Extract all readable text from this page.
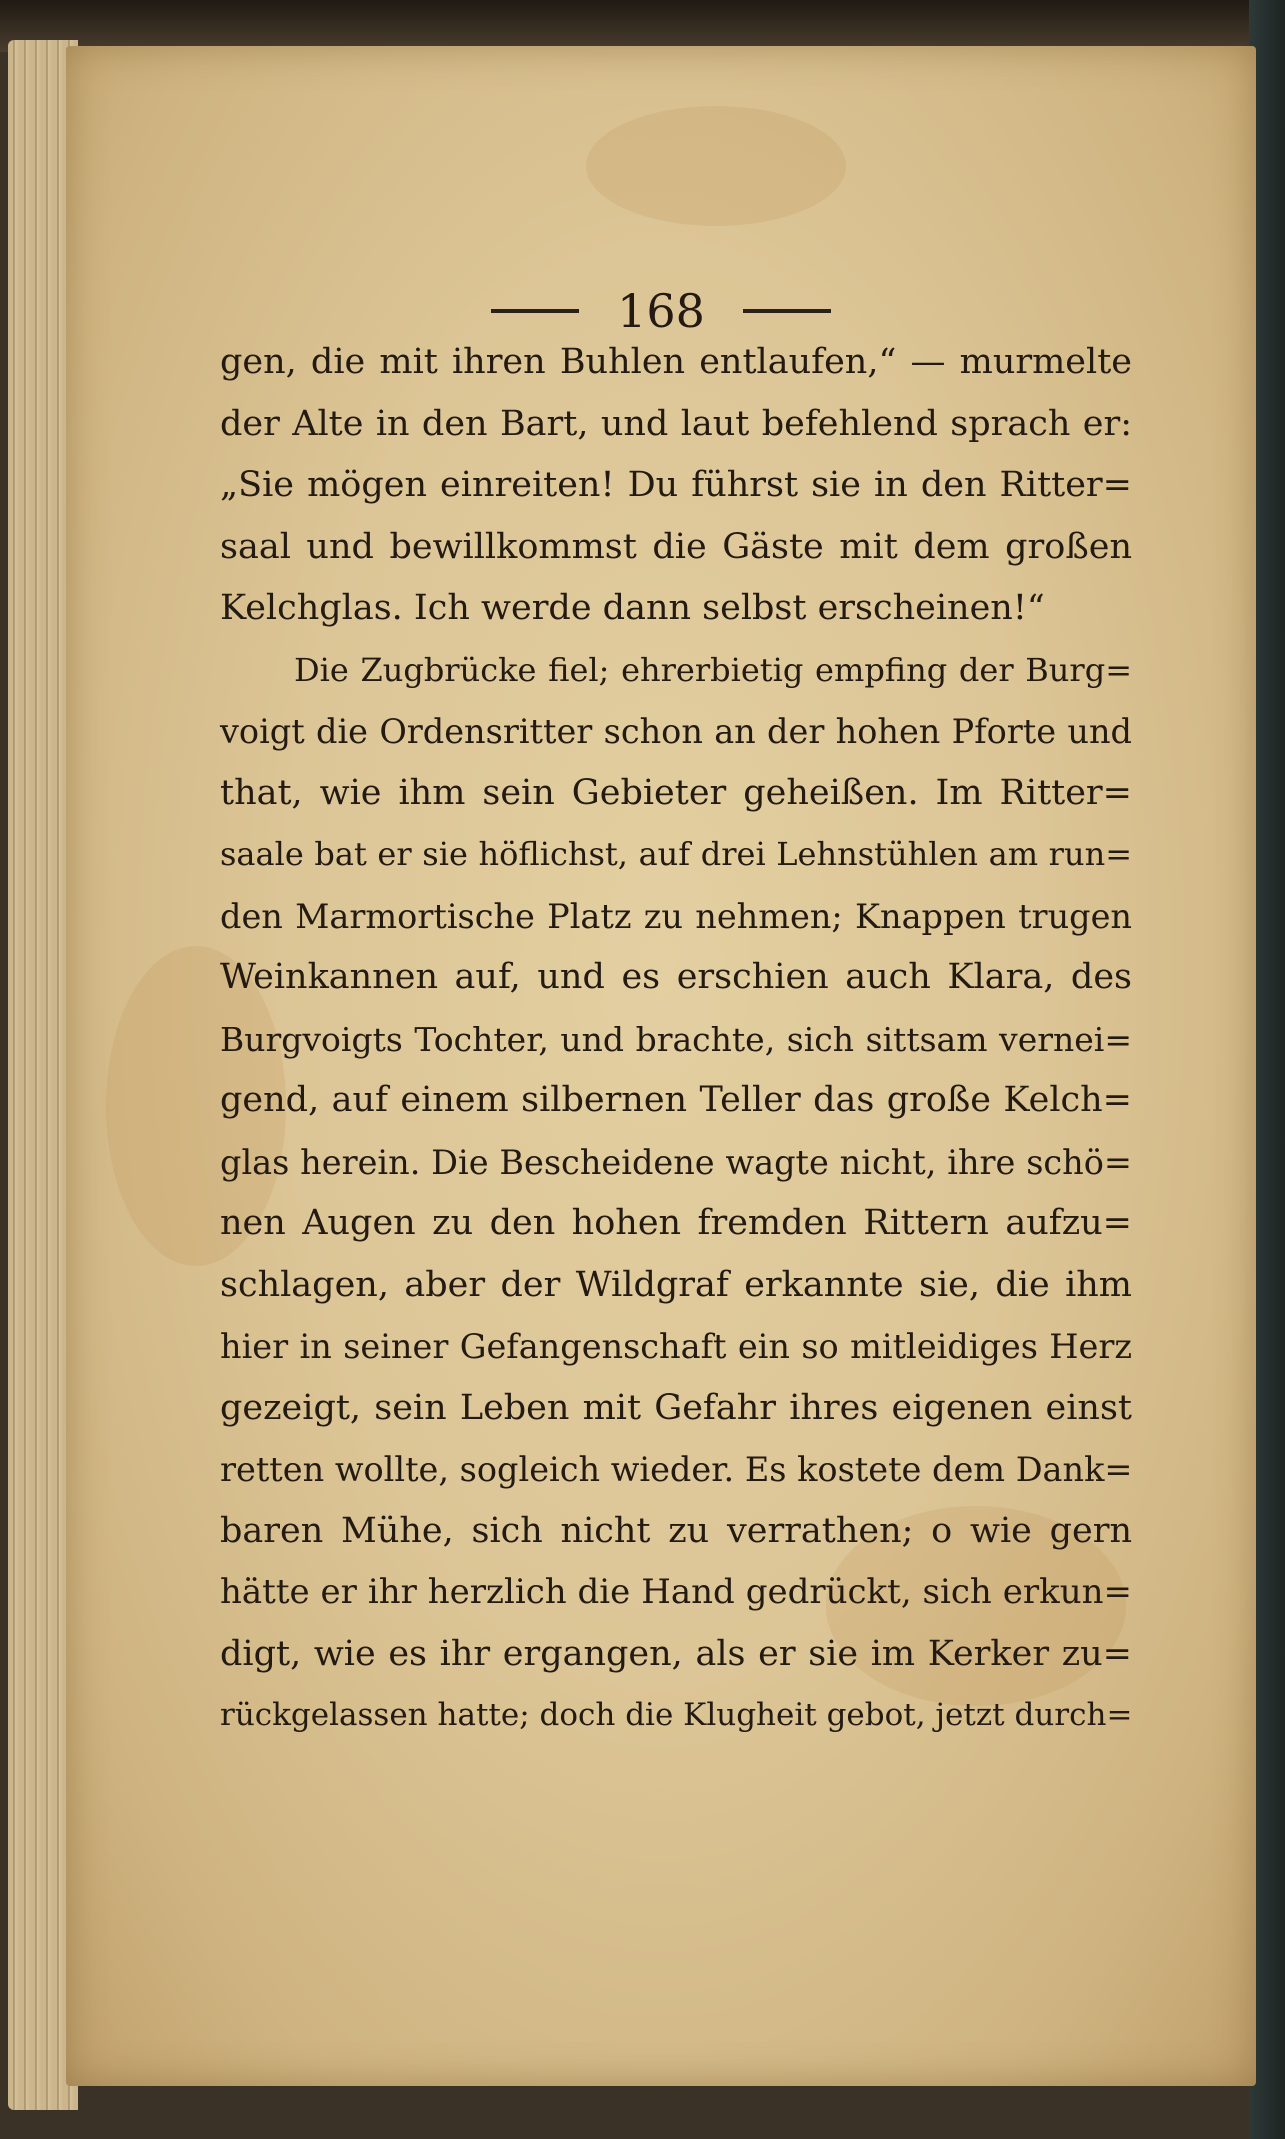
168
gen, die mit ihren Buhlen entlaufen,“ — murmelte
der Alte in den Bart, und laut befehlend sprach er:
„Sie mögen einreiten! Du führst sie in den Ritter=
saal und bewillkommst die Gäste mit dem großen
Kelchglas. Ich werde dann selbst erscheinen!“
Die Zugbrücke fiel; ehrerbietig empfing der Burg=
voigt die Ordensritter schon an der hohen Pforte und
that, wie ihm sein Gebieter geheißen. Im Ritter=
saale bat er sie höflichst, auf drei Lehnstühlen am run=
den Marmortische Platz zu nehmen; Knappen trugen
Weinkannen auf, und es erschien auch Klara, des
Burgvoigts Tochter, und brachte, sich sittsam vernei=
gend, auf einem silbernen Teller das große Kelch=
glas herein. Die Bescheidene wagte nicht, ihre schö=
nen Augen zu den hohen fremden Rittern aufzu=
schlagen, aber der Wildgraf erkannte sie, die ihm
hier in seiner Gefangenschaft ein so mitleidiges Herz
gezeigt, sein Leben mit Gefahr ihres eigenen einst
retten wollte, sogleich wieder. Es kostete dem Dank=
baren Mühe, sich nicht zu verrathen; o wie gern
hätte er ihr herzlich die Hand gedrückt, sich erkun=
digt, wie es ihr ergangen, als er sie im Kerker zu=
rückgelassen hatte; doch die Klugheit gebot, jetzt durch=
